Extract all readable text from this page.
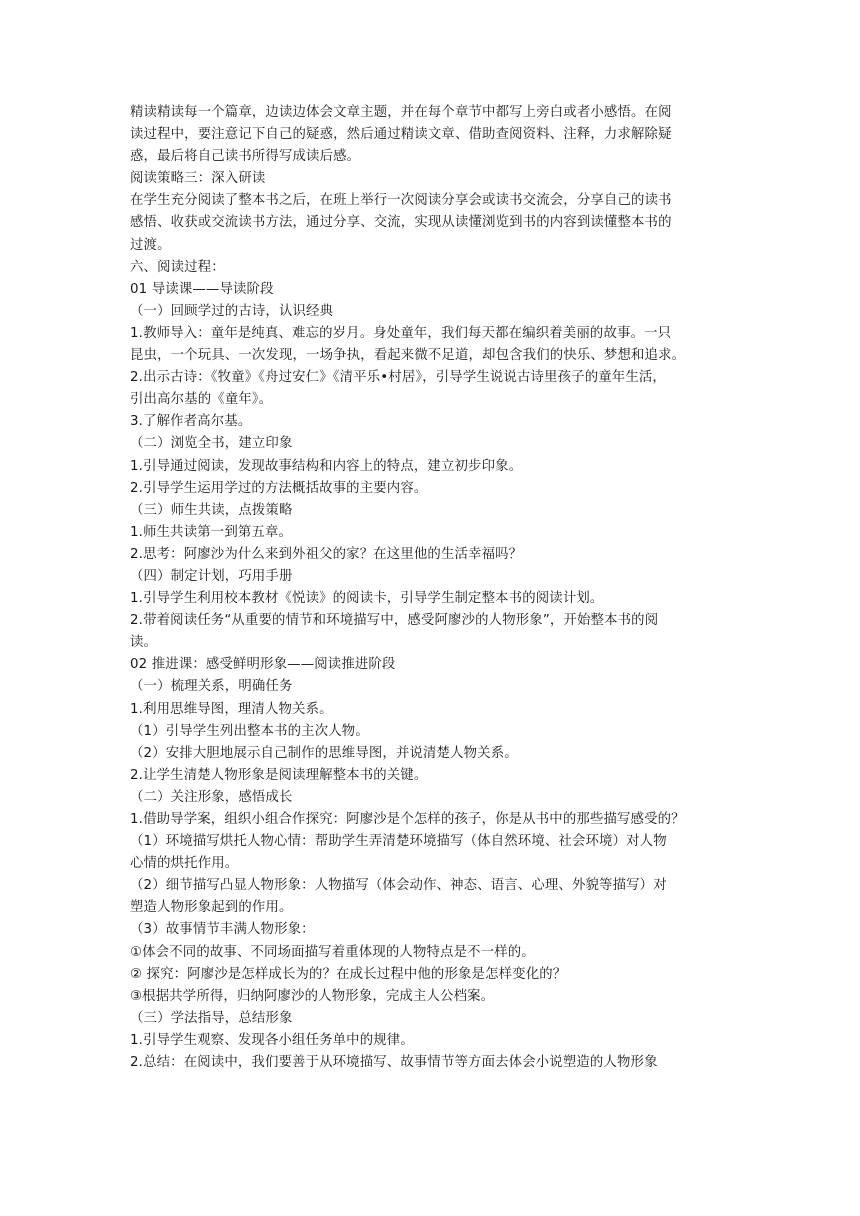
精读精读每一个篇章，边读边体会文章主题，并在每个章节中都写上旁白或者小感悟。在阅
读过程中，要注意记下自己的疑惑，然后通过精读文章、借助查阅资料、注释，力求解除疑
惑，最后将自己读书所得写成读后感。
阅读策略三：深入研读
在学生充分阅读了整本书之后，在班上举行一次阅读分享会或读书交流会，分享自己的读书
感悟、收获或交流读书方法，通过分享、交流，实现从读懂浏览到书的内容到读懂整本书的
过渡。
六、阅读过程：
01 导读课——导读阶段
（一）回顾学过的古诗，认识经典
1.教师导入：童年是纯真、难忘的岁月。身处童年，我们每天都在编织着美丽的故事。一只
昆虫，一个玩具、一次发现，一场争执，看起来微不足道，却包含我们的快乐、梦想和追求。
2.出示古诗：《牧童》《舟过安仁》《清平乐•村居》，引导学生说说古诗里孩子的童年生活，
引出高尔基的《童年》。
3.了解作者高尔基。
（二）浏览全书，建立印象
1.引导通过阅读，发现故事结构和内容上的特点，建立初步印象。
2.引导学生运用学过的方法概括故事的主要内容。
（三）师生共读，点拨策略
1.师生共读第一到第五章。
2.思考：阿廖沙为什么来到外祖父的家？在这里他的生活幸福吗？
（四）制定计划，巧用手册
1.引导学生利用校本教材《悦读》的阅读卡，引导学生制定整本书的阅读计划。
2.带着阅读任务“从重要的情节和环境描写中，感受阿廖沙的人物形象”，开始整本书的阅
读。
02 推进课：感受鲜明形象——阅读推进阶段
（一）梳理关系，明确任务
1.利用思维导图，理清人物关系。
（1）引导学生列出整本书的主次人物。
（2）安排大胆地展示自己制作的思维导图，并说清楚人物关系。
2.让学生清楚人物形象是阅读理解整本书的关键。
（二）关注形象，感悟成长
1.借助导学案，组织小组合作探究：阿廖沙是个怎样的孩子，你是从书中的那些描写感受的？
（1）环境描写烘托人物心情：帮助学生弄清楚环境描写（体自然环境、社会环境）对人物
心情的烘托作用。
（2）细节描写凸显人物形象：人物描写（体会动作、神态、语言、心理、外貌等描写）对
塑造人物形象起到的作用。
（3）故事情节丰满人物形象：
①体会不同的故事、不同场面描写着重体现的人物特点是不一样的。
② 探究：阿廖沙是怎样成长为的？在成长过程中他的形象是怎样变化的？
③根据共学所得，归纳阿廖沙的人物形象，完成主人公档案。
（三）学法指导，总结形象
1.引导学生观察、发现各小组任务单中的规律。
2.总结：在阅读中，我们要善于从环境描写、故事情节等方面去体会小说塑造的人物形象
